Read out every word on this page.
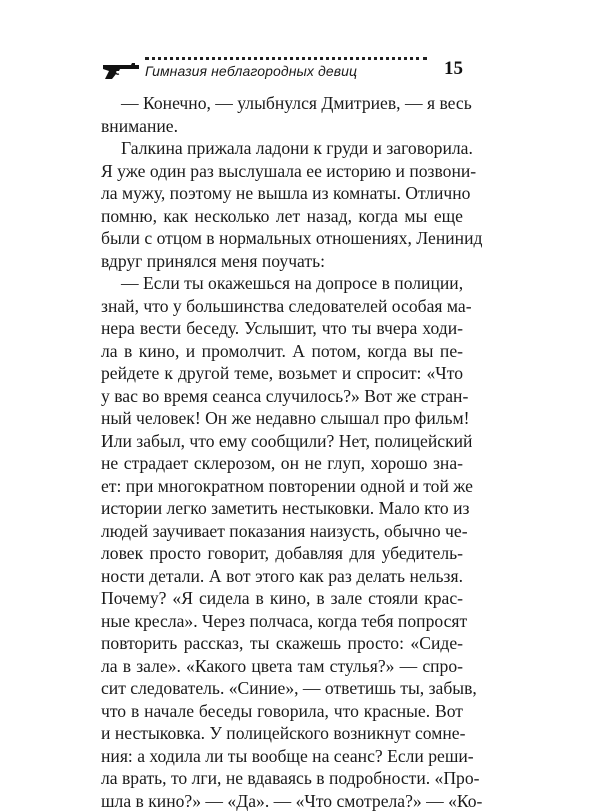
Гимназия неблагородных девиц	15
— Конечно, — улыбнулся Дмитриев, — я весь
внимание.
Галкина прижала ладони к груди и заговорила.
Я уже один раз выслушала ее историю и позвони-
ла мужу, поэтому не вышла из комнаты. Отлично
помню, как несколько лет назад, когда мы еще
были с отцом в нормальных отношениях, Ленинид
вдруг принялся меня поучать:
— Если ты окажешься на допросе в полиции,
знай, что у большинства следователей особая ма-
нера вести беседу. Услышит, что ты вчера ходи-
ла в кино, и промолчит. А потом, когда вы пе-
рейдете к другой теме, возьмет и спросит: «Что
у вас во время сеанса случилось?» Вот же стран-
ный человек! Он же недавно слышал про фильм!
Или забыл, что ему сообщили? Нет, полицейский
не страдает склерозом, он не глуп, хорошо зна-
ет: при многократном повторении одной и той же
истории легко заметить нестыковки. Мало кто из
людей заучивает показания наизусть, обычно че-
ловек просто говорит, добавляя для убедитель-
ности детали. А вот этого как раз делать нельзя.
Почему? «Я сидела в кино, в зале стояли крас-
ные кресла». Через полчаса, когда тебя попросят
повторить рассказ, ты скажешь просто: «Сиде-
ла в зале». «Какого цвета там стулья?» — спро-
сит следователь. «Синие», — ответишь ты, забыв,
что в начале беседы говорила, что красные. Вот
и нестыковка. У полицейского возникнут сомне-
ния: а ходила ли ты вообще на сеанс? Если реши-
ла врать, то лги, не вдаваясь в подробности. «Про-
шла в кино?» — «Да». — «Что смотрела?» — «Ко-
